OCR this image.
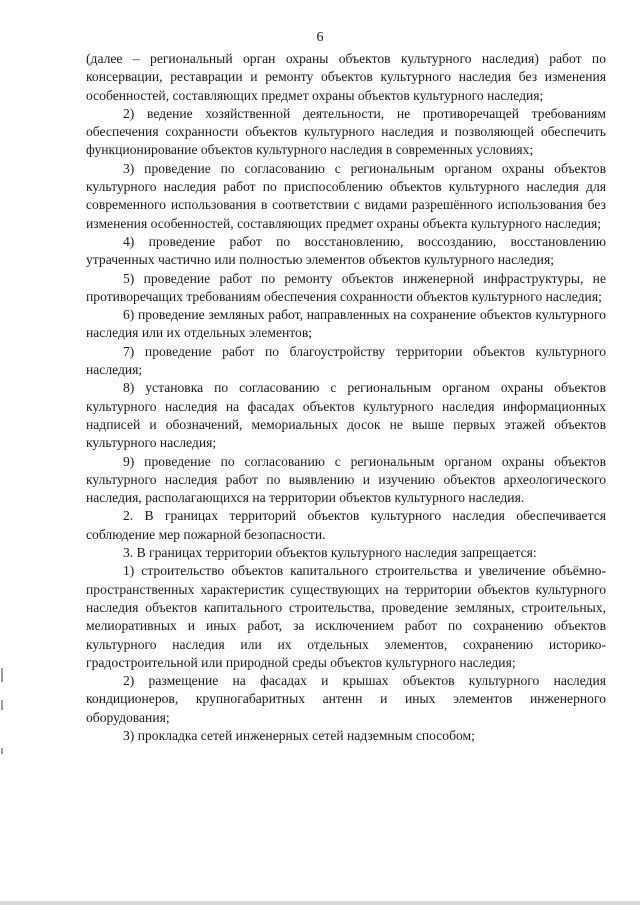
6

(далее – региональный орган охраны объектов культурного наследия) работ по консервации, реставрации и ремонту объектов культурного наследия без изменения особенностей, составляющих предмет охраны объектов культурного наследия;

2) ведение хозяйственной деятельности, не противоречащей требованиям обеспечения сохранности объектов культурного наследия и позволяющей обеспечить функционирование объектов культурного наследия в современных условиях;

3) проведение по согласованию с региональным органом охраны объектов культурного наследия работ по приспособлению объектов культурного наследия для современного использования в соответствии с видами разрешённого использования без изменения особенностей, составляющих предмет охраны объекта культурного наследия;

4) проведение работ по восстановлению, воссозданию, восстановлению утраченных частично или полностью элементов объектов культурного наследия;

5) проведение работ по ремонту объектов инженерной инфраструктуры, не противоречащих требованиям обеспечения сохранности объектов культурного наследия;

6) проведение земляных работ, направленных на сохранение объектов культурного наследия или их отдельных элементов;

7) проведение работ по благоустройству территории объектов культурного наследия;

8) установка по согласованию с региональным органом охраны объектов культурного наследия на фасадах объектов культурного наследия информационных надписей и обозначений, мемориальных досок не выше первых этажей объектов культурного наследия;

9) проведение по согласованию с региональным органом охраны объектов культурного наследия работ по выявлению и изучению объектов археологического наследия, располагающихся на территории объектов культурного наследия.

2. В границах территорий объектов культурного наследия обеспечивается соблюдение мер пожарной безопасности.

3. В границах территории объектов культурного наследия запрещается:

1) строительство объектов капитального строительства и увеличение объёмно-пространственных характеристик существующих на территории объектов культурного наследия объектов капитального строительства, проведение земляных, строительных, мелиоративных и иных работ, за исключением работ по сохранению объектов культурного наследия или их отдельных элементов, сохранению историко-градостроительной или природной среды объектов культурного наследия;

2) размещение на фасадах и крышах объектов культурного наследия кондиционеров, крупногабаритных антенн и иных элементов инженерного оборудования;

3) прокладка сетей инженерных сетей надземным способом;
